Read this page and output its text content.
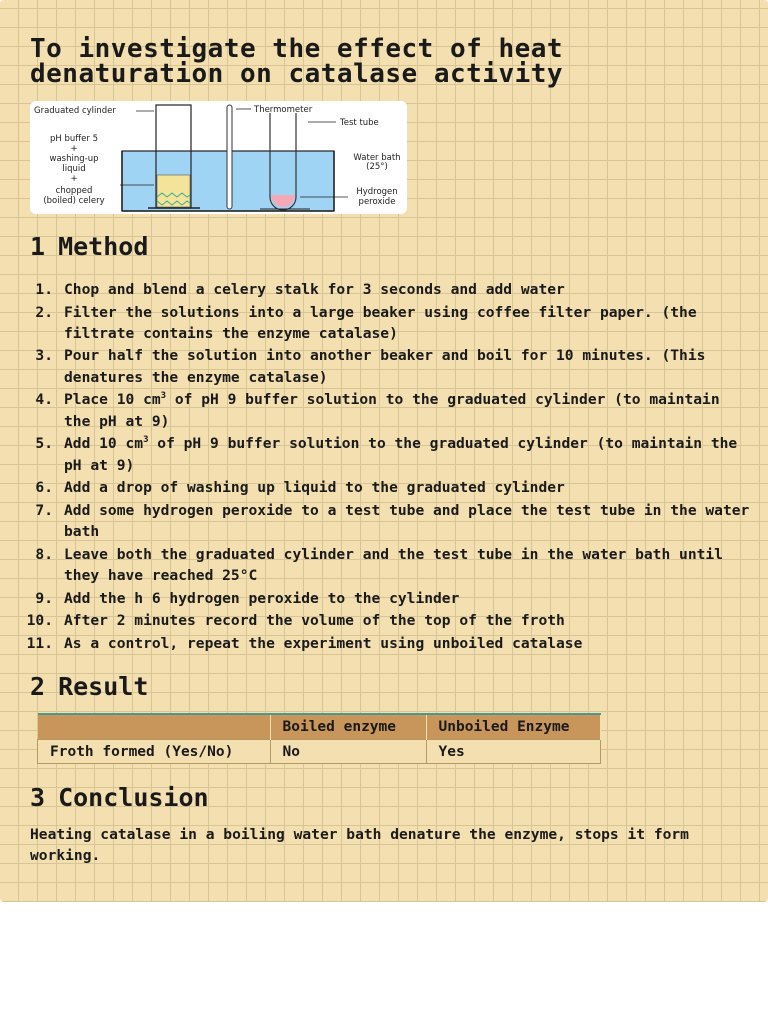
To investigate the effect of heat denaturation on catalase activity
Graduated cylinder	Thermometer
Test tube
pH buffer 5
+
washing-up
liquid
+
chopped
(boiled) celery
Water bath
(25°)
Hydrogen
peroxide
1 Method
1. Chop and blend a celery stalk for 3 seconds and add water
2. Filter the solutions into a large beaker using coffee filter paper. (the filtrate contains the enzyme catalase)
3. Pour half the solution into another beaker and boil for 10 minutes. (This denatures the enzyme catalase)
4. Place 10 $cm^3$ of pH 9 buffer solution to the graduated cylinder (to maintain the pH at 9)
5. Add 10 $cm^3$ of pH 9 buffer solution to the graduated cylinder (to maintain the pH at 9)
6. Add a drop of washing up liquid to the graduated cylinder
7. Add some hydrogen peroxide to a test tube and place the test tube in the water bath
8. Leave both the graduated cylinder and the test tube in the water bath until they have reached 25°C
9. Add the h 6 hydrogen peroxide to the cylinder
10. After 2 minutes record the volume of the top of the froth
11. As a control, repeat the experiment using unboiled catalase
2 Result
	Boiled enzyme	Unboiled Enzyme
Froth formed (Yes/No)	No	Yes
3 Conclusion

Heating catalase in a boiling water bath denature the enzyme, stops it form working.
